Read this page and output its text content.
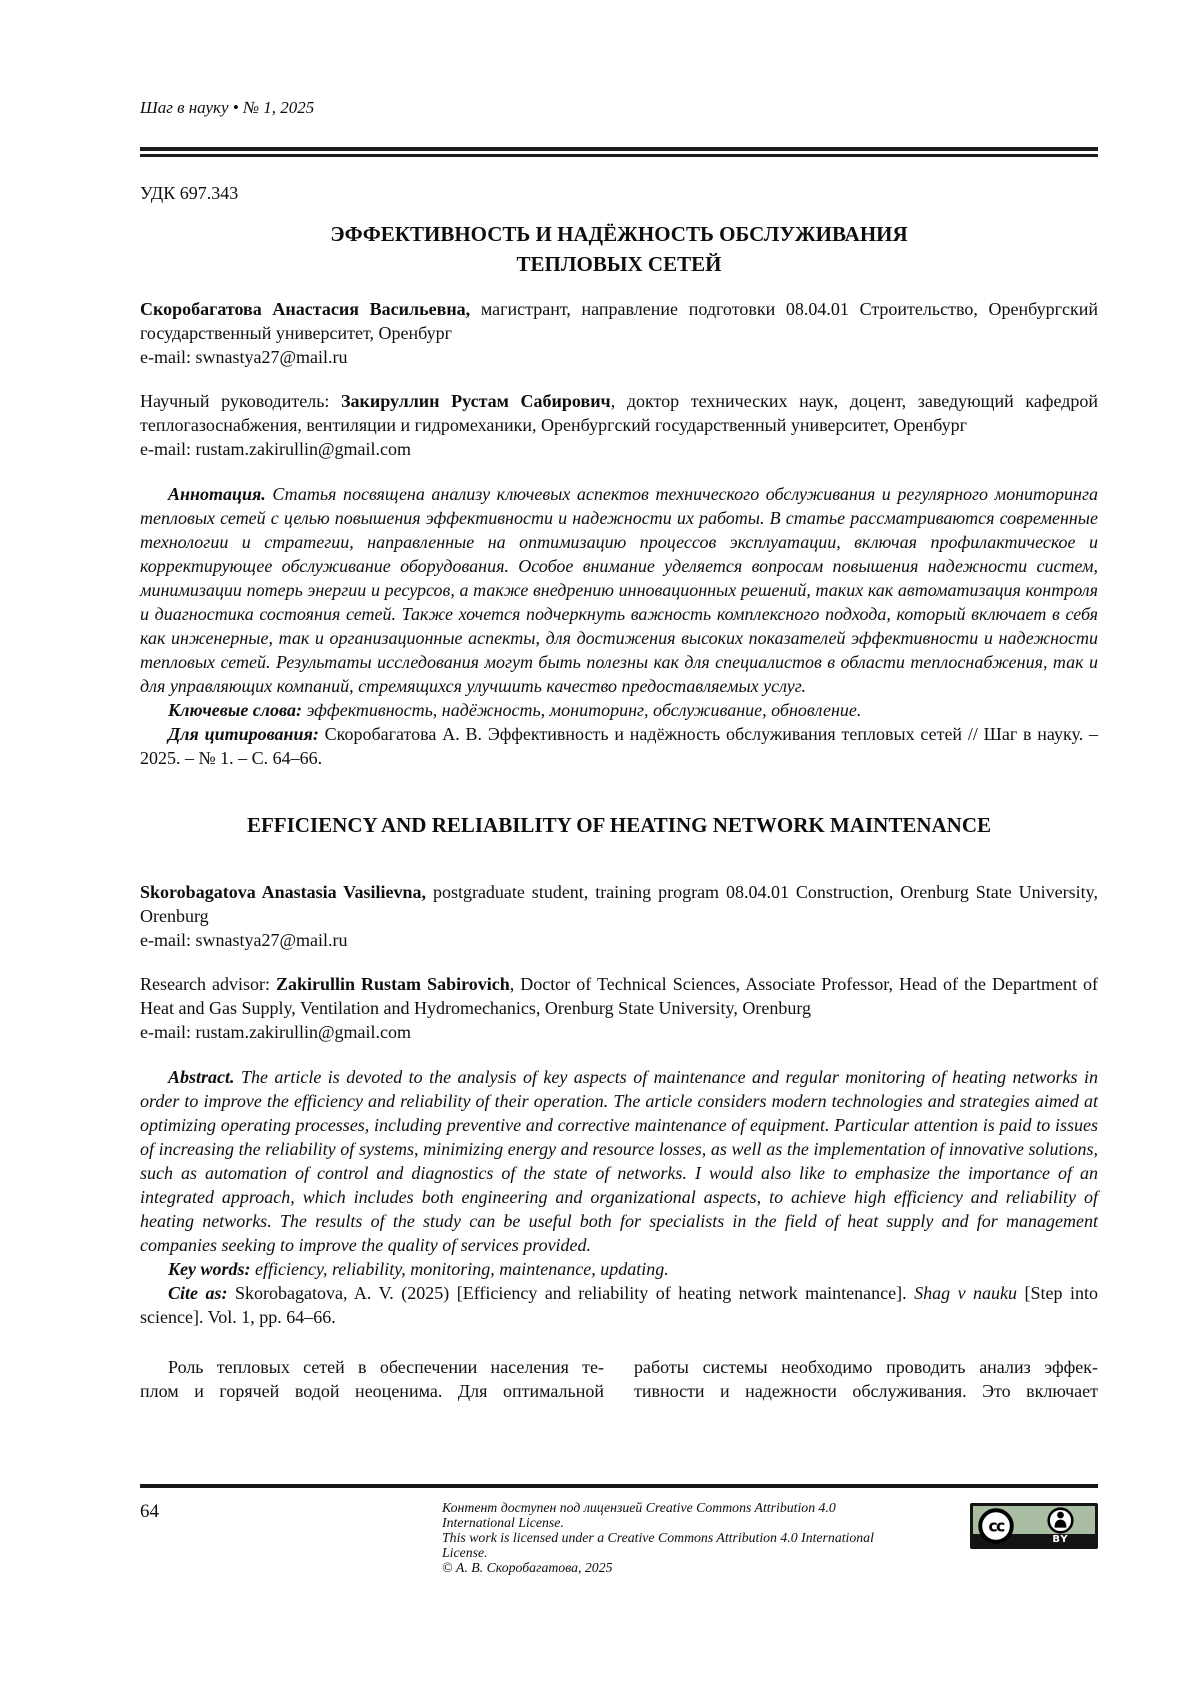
Шаг в науку • № 1, 2025
УДК 697.343
ЭФФЕКТИВНОСТЬ И НАДЁЖНОСТЬ ОБСЛУЖИВАНИЯ
ТЕПЛОВЫХ СЕТЕЙ

Скоробагатова Анастасия Васильевна, магистрант, направление подготовки 08.04.01 Строительство, Оренбургский государственный университет, Оренбург
e-mail: swnastya27@mail.ru

Научный руководитель: Закируллин Рустам Сабирович, доктор технических наук, доцент, заведующий кафедрой теплогазоснабжения, вентиляции и гидромеханики, Оренбургский государственный университет, Оренбург
e-mail: rustam.zakirullin@gmail.com

Аннотация. Статья посвящена анализу ключевых аспектов технического обслуживания и регулярного мониторинга тепловых сетей с целью повышения эффективности и надежности их работы. В статье рассматриваются современные технологии и стратегии, направленные на оптимизацию процессов эксплуатации, включая профилактическое и корректирующее обслуживание оборудования. Особое внимание уделяется вопросам повышения надежности систем, минимизации потерь энергии и ресурсов, а также внедрению инновационных решений, таких как автоматизация контроля и диагностика состояния сетей. Также хочется подчеркнуть важность комплексного подхода, который включает в себя как инженерные, так и организационные аспекты, для достижения высоких показателей эффективности и надежности тепловых сетей. Результаты исследования могут быть полезны как для специалистов в области теплоснабжения, так и для управляющих компаний, стремящихся улучшить качество предоставляемых услуг.

Ключевые слова: эффективность, надёжность, мониторинг, обслуживание, обновление.

Для цитирования: Скоробагатова А. В. Эффективность и надёжность обслуживания тепловых сетей // Шаг в науку. – 2025. – № 1. – С. 64–66.

EFFICIENCY AND RELIABILITY OF HEATING NETWORK MAINTENANCE

Skorobagatova Anastasia Vasilievna, postgraduate student, training program 08.04.01 Construction, Orenburg State University, Orenburg
e-mail: swnastya27@mail.ru

Research advisor: Zakirullin Rustam Sabirovich, Doctor of Technical Sciences, Associate Professor, Head of the Department of Heat and Gas Supply, Ventilation and Hydromechanics, Orenburg State University, Orenburg
e-mail: rustam.zakirullin@gmail.com

Abstract. The article is devoted to the analysis of key aspects of maintenance and regular monitoring of heating networks in order to improve the efficiency and reliability of their operation. The article considers modern technologies and strategies aimed at optimizing operating processes, including preventive and corrective maintenance of equipment. Particular attention is paid to issues of increasing the reliability of systems, minimizing energy and resource losses, as well as the implementation of innovative solutions, such as automation of control and diagnostics of the state of networks. I would also like to emphasize the importance of an integrated approach, which includes both engineering and organizational aspects, to achieve high efficiency and reliability of heating networks. The results of the study can be useful both for specialists in the field of heat supply and for management companies seeking to improve the quality of services provided.

Key words: efficiency, reliability, monitoring, maintenance, updating.

Cite as: Skorobagatova, A. V. (2025) [Efficiency and reliability of heating network maintenance]. Shag v nauku [Step into science]. Vol. 1, pp. 64–66.

Роль тепловых сетей в обеспечении населения те-
плом и горячей водой неоценима. Для оптимальной
работы системы необходимо проводить анализ эффек-
тивности и надежности обслуживания. Это включает
64	Контент доступен под лицензией Creative Commons Attribution 4.0 International License.
This work is licensed under a Creative Commons Attribution 4.0 International License.
© А. В. Скоробагатова, 2025
cc
BY
